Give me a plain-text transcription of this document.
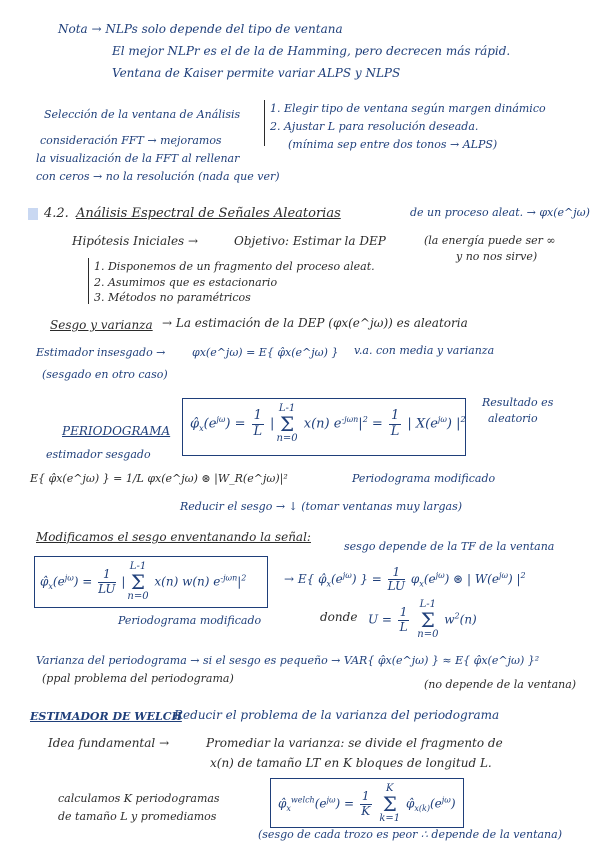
Nota → NLPs solo depende del tipo de ventana
El mejor NLPr es el de la de Hamming, pero decrecen más rápid.
Ventana de Kaiser permite variar ALPS y NLPS
Selección de la ventana de Análisis
consideración FFT → mejoramos
la visualización de la FFT al rellenar
con ceros → no la resolución (nada que ver)
1. Elegir tipo de ventana según margen dinámico
2. Ajustar L para resolución deseada.
(mínima sep entre dos tonos → ALPS)
4.2. Análisis Espectral de Señales Aleatorias	de un proceso aleat. → φx(e^jω)
Hipótesis Iniciales →	Objetivo: Estimar la DEP	(la energía puede ser ∞
y no nos sirve)
1. Disponemos de un fragmento del proceso aleat.
2. Asumimos que es estacionario
3. Métodos no paramétricos
Sesgo y varianza → La estimación de la DEP (φx(e^jω)) es aleatoria
Estimador insesgado → φx(e^jω) = E{ φ̂x(e^jω) }
(sesgado en otro caso)
v.a. con media y varianza
PERIODOGRAMA $\varphî_x(e^{j\omega}) = \frac{1}{L} |L-1$
Σ
n=0 x(n) $e^{-j\omega n}|^2 = \frac{1}{L}$ | $X(e^{j\omega})$ $|^2$
Resultado es
aleatorio
estimador sesgado
E{ φ̂x(e^jω) } = 1/L φx(e^jω) ⊛ |W_R(e^jω)|²	Periodograma modificado
Reducir el sesgo → ↓ (tomar ventanas muy largas)
Modificamos el sesgo enventanando la señal:
sesgo depende de la TF de la ventana
$\varphî_x(e^{j\omega}) = \frac{1}{LU} |L-1$
Σ
n=0 x(n) w(n) $e^{-j\omega n}|^2$
Periodograma modificado
→ E{ $\varphî_x(e^{j\omega})$ } = $\frac{1}{LU} \varphi_x(e^{j\omega})$ ⊛ | $W(e^{j\omega})$ $|^2$
donde $U = \frac{1}{L}$
L-1
Σ
n=0 $w^2(n)$
Varianza del periodograma → si el sesgo es pequeño → VAR{ φ̂x(e^jω) } ≈ E{ φ̂x(e^jω) }²
(ppal problema del periodograma)	(no depende de la ventana)
ESTIMADOR DE WELCH
Reducir el problema de la varianza del periodograma
Idea fundamental →	Promediar la varianza: se divide el fragmento de
x(n) de tamaño LT en K bloques de longitud L.
calculamos K periodogramas
de tamaño L y promediamos
$\varphî_x^{welch}(e^{j\omega}) = \frac{1}{K}$
K
Σ
k=1 $\varphî_{x(k)}(e^{j\omega})$
(sesgo de cada trozo es peor ∴ depende de la ventana)
